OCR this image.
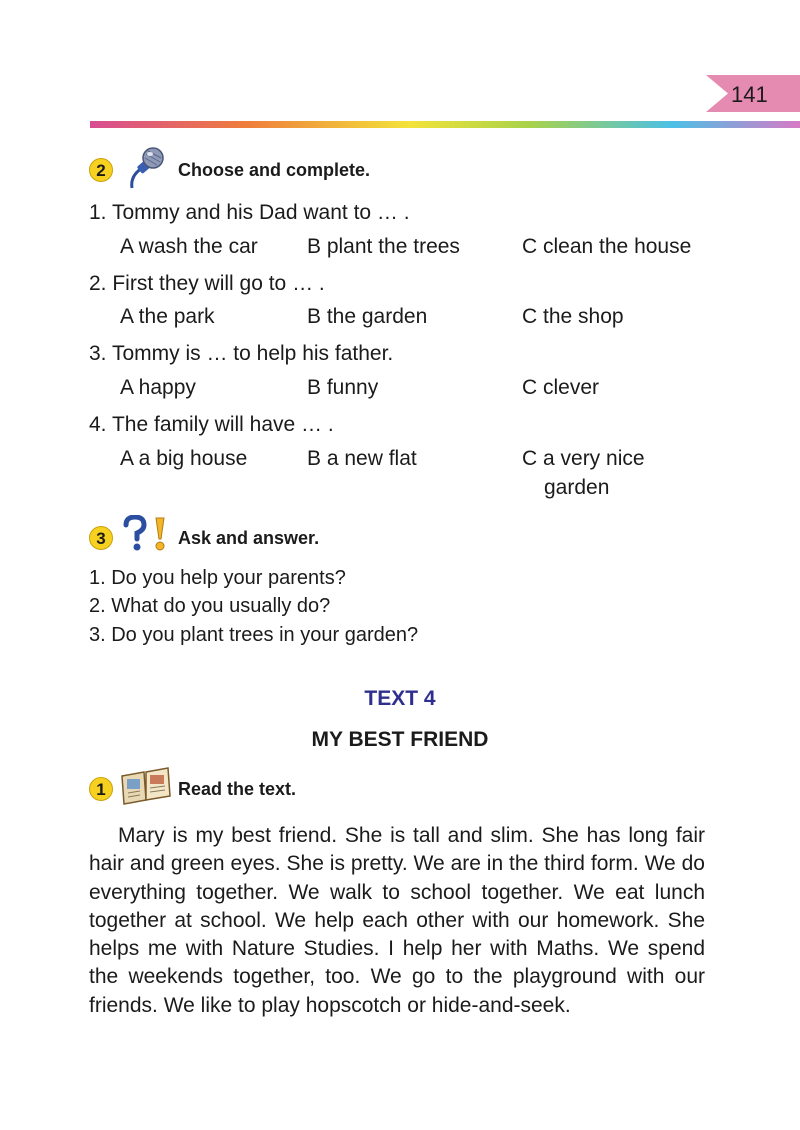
141
2	Choose and complete.
1. Tommy and his Dad want to … .
A wash the car B plant the trees	C clean the house
2. First they will go to … .
A the park	B the garden	C the shop
3. Tommy is … to help his father.
A happy	B funny	C clever
4. The family will have … .
A a big house	B a new flat	C a very nice
garden
3	Ask and answer.
1. Do you help your parents?
2. What do you usually do?
3. Do you plant trees in your garden?
TEXT 4
MY BEST FRIEND
1	Read the text.

Mary is my best friend. She is tall and slim. She has long fair hair and green eyes. She is pretty. We are in the third form. We do everything together. We walk to school together. We eat lunch together at school. We help each other with our homework. She helps me with Nature Studies. I help her with Maths. We spend the weekends together, too. We go to the playground with our friends. We like to play hopscotch or hide-and-seek.
